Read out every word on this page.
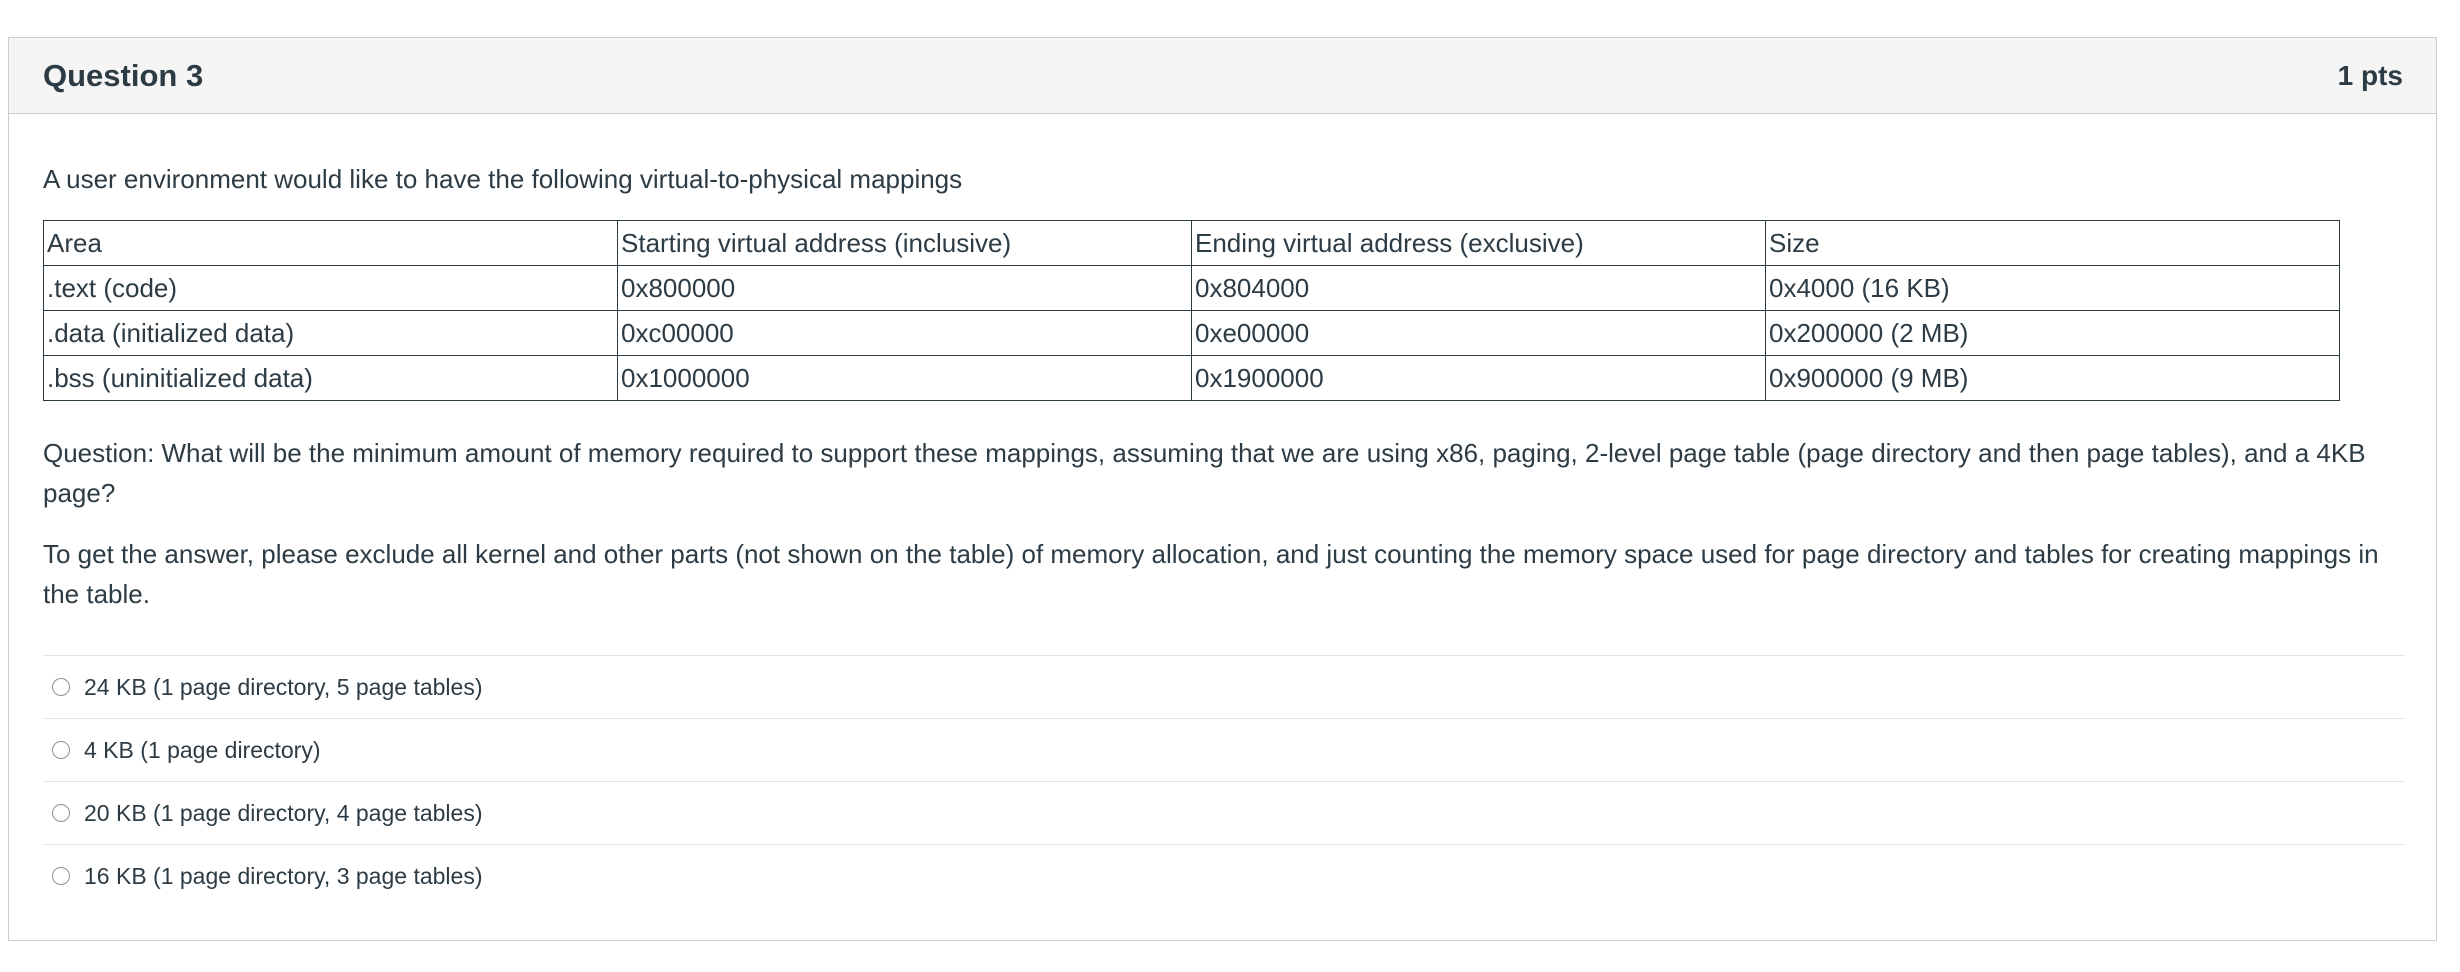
Question 3	1 pts

A user environment would like to have the following virtual-to-physical mappings

Area	Starting virtual address (inclusive)	Ending virtual address (exclusive)	Size
.text (code)	0x800000	0x804000	0x4000 (16 KB)
.data (initialized data)	0xc00000	0xe00000	0x200000 (2 MB)
.bss (uninitialized data)	0x1000000	0x1900000	0x900000 (9 MB)

Question: What will be the minimum amount of memory required to support these mappings, assuming that we are using x86, paging, 2-level page table (page directory and then page tables), and a 4KB page?

To get the answer, please exclude all kernel and other parts (not shown on the table) of memory allocation, and just counting the memory space used for page directory and tables for creating mappings in the table.

24 KB (1 page directory, 5 page tables)
4 KB (1 page directory)
20 KB (1 page directory, 4 page tables)
16 KB (1 page directory, 3 page tables)
